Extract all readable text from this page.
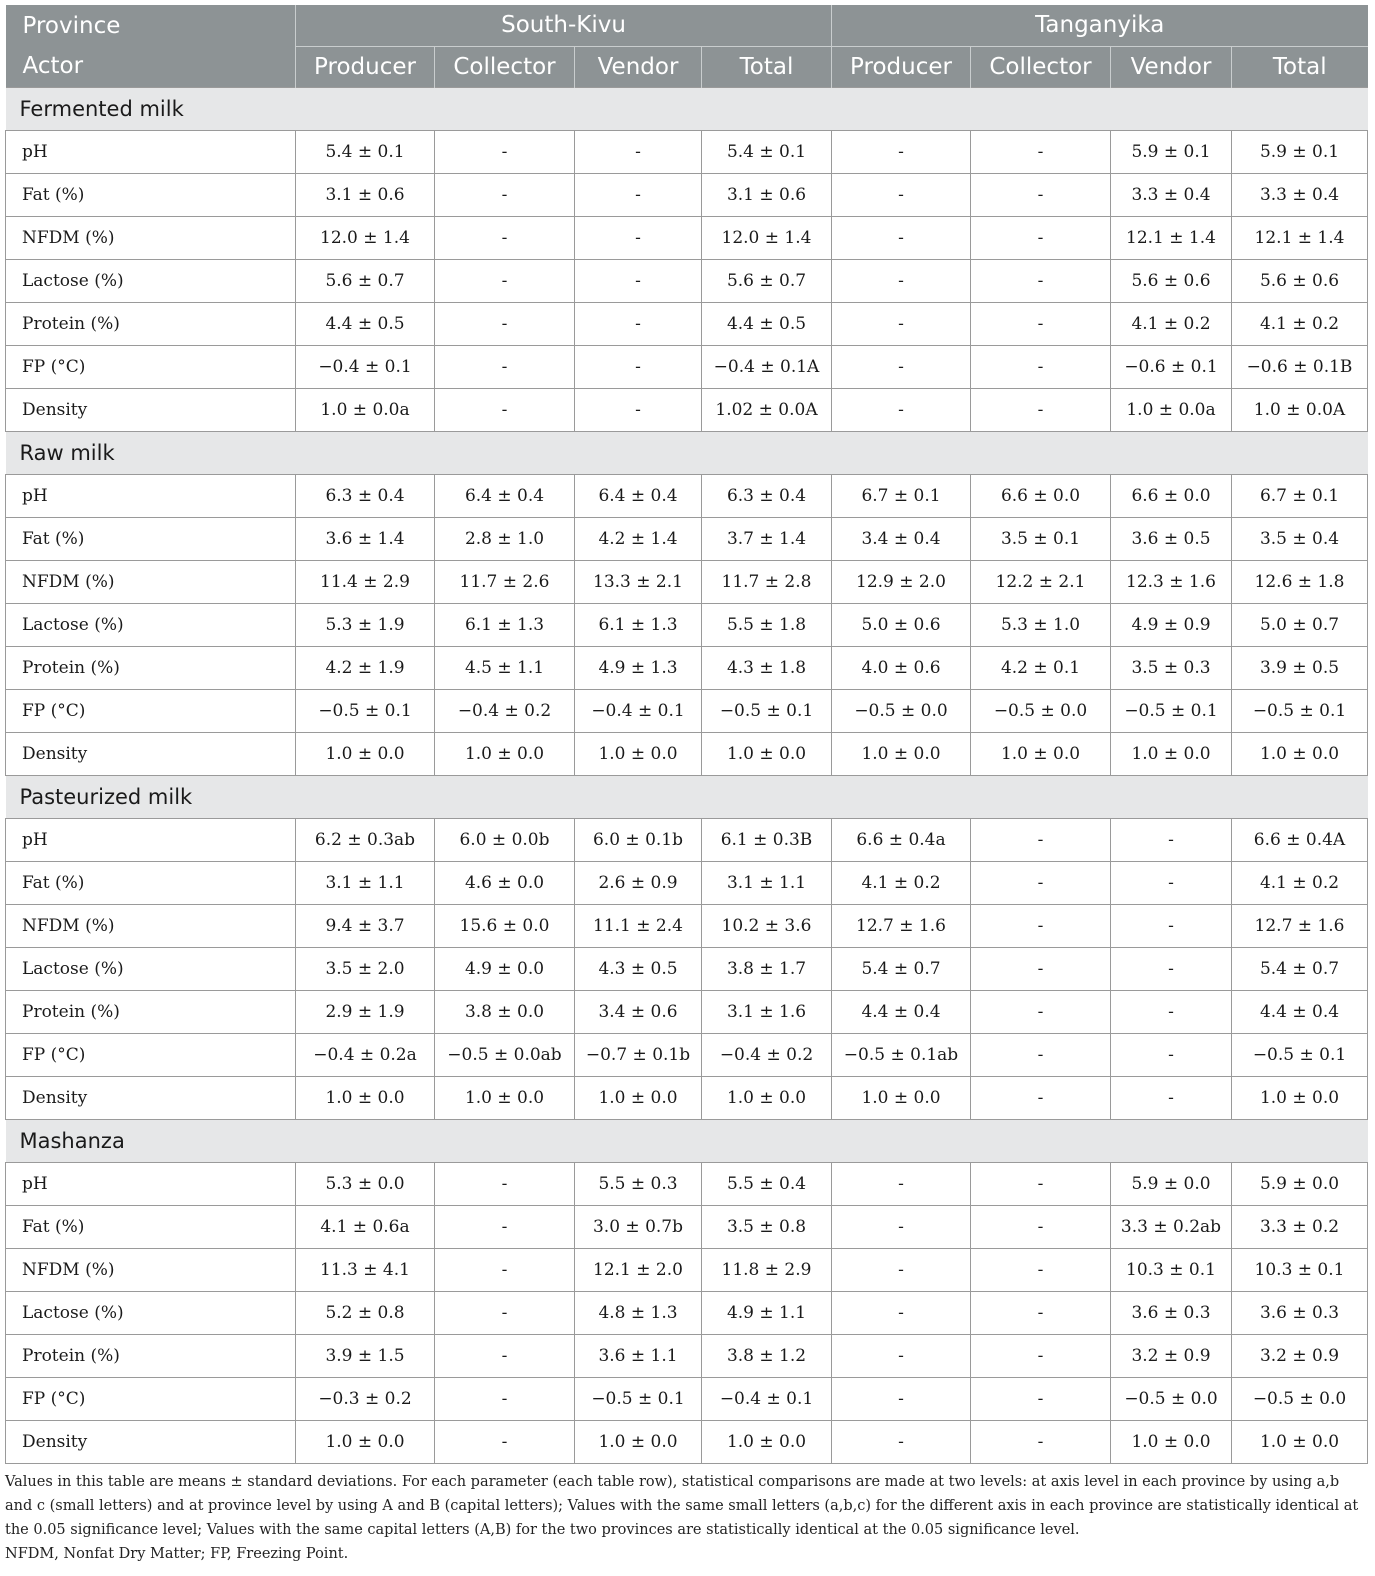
Province	South-Kivu				Tanganyika			
Actor	Producer	Collector	Vendor	Total	Producer	Collector	Vendor	Total
Fermented milk								
pH	5.4 ± 0.1	-	-	5.4 ± 0.1	-	-	5.9 ± 0.1	5.9 ± 0.1
Fat (%)	3.1 ± 0.6	-	-	3.1 ± 0.6	-	-	3.3 ± 0.4	3.3 ± 0.4
NFDM (%)	12.0 ± 1.4	-	-	12.0 ± 1.4	-	-	12.1 ± 1.4	12.1 ± 1.4
Lactose (%)	5.6 ± 0.7	-	-	5.6 ± 0.7	-	-	5.6 ± 0.6	5.6 ± 0.6
Protein (%)	4.4 ± 0.5	-	-	4.4 ± 0.5	-	-	4.1 ± 0.2	4.1 ± 0.2
FP (°C)	−0.4 ± 0.1	-	-	−0.4 ± 0.1A	-	-	−0.6 ± 0.1	−0.6 ± 0.1B
Density	1.0 ± 0.0a	-	-	1.02 ± 0.0A	-	-	1.0 ± 0.0a	1.0 ± 0.0A
Raw milk								
pH	6.3 ± 0.4	6.4 ± 0.4	6.4 ± 0.4	6.3 ± 0.4	6.7 ± 0.1	6.6 ± 0.0	6.6 ± 0.0	6.7 ± 0.1
Fat (%)	3.6 ± 1.4	2.8 ± 1.0	4.2 ± 1.4	3.7 ± 1.4	3.4 ± 0.4	3.5 ± 0.1	3.6 ± 0.5	3.5 ± 0.4
NFDM (%)	11.4 ± 2.9	11.7 ± 2.6	13.3 ± 2.1	11.7 ± 2.8	12.9 ± 2.0	12.2 ± 2.1	12.3 ± 1.6	12.6 ± 1.8
Lactose (%)	5.3 ± 1.9	6.1 ± 1.3	6.1 ± 1.3	5.5 ± 1.8	5.0 ± 0.6	5.3 ± 1.0	4.9 ± 0.9	5.0 ± 0.7
Protein (%)	4.2 ± 1.9	4.5 ± 1.1	4.9 ± 1.3	4.3 ± 1.8	4.0 ± 0.6	4.2 ± 0.1	3.5 ± 0.3	3.9 ± 0.5
FP (°C)	−0.5 ± 0.1	−0.4 ± 0.2	−0.4 ± 0.1	−0.5 ± 0.1	−0.5 ± 0.0	−0.5 ± 0.0	−0.5 ± 0.1	−0.5 ± 0.1
Density	1.0 ± 0.0	1.0 ± 0.0	1.0 ± 0.0	1.0 ± 0.0	1.0 ± 0.0	1.0 ± 0.0	1.0 ± 0.0	1.0 ± 0.0
Pasteurized milk								
pH	6.2 ± 0.3ab	6.0 ± 0.0b	6.0 ± 0.1b	6.1 ± 0.3B	6.6 ± 0.4a	-	-	6.6 ± 0.4A
Fat (%)	3.1 ± 1.1	4.6 ± 0.0	2.6 ± 0.9	3.1 ± 1.1	4.1 ± 0.2	-	-	4.1 ± 0.2
NFDM (%)	9.4 ± 3.7	15.6 ± 0.0	11.1 ± 2.4	10.2 ± 3.6	12.7 ± 1.6	-	-	12.7 ± 1.6
Lactose (%)	3.5 ± 2.0	4.9 ± 0.0	4.3 ± 0.5	3.8 ± 1.7	5.4 ± 0.7	-	-	5.4 ± 0.7
Protein (%)	2.9 ± 1.9	3.8 ± 0.0	3.4 ± 0.6	3.1 ± 1.6	4.4 ± 0.4	-	-	4.4 ± 0.4
FP (°C)	−0.4 ± 0.2a	−0.5 ± 0.0ab	−0.7 ± 0.1b	−0.4 ± 0.2	−0.5 ± 0.1ab	-	-	−0.5 ± 0.1
Density	1.0 ± 0.0	1.0 ± 0.0	1.0 ± 0.0	1.0 ± 0.0	1.0 ± 0.0	-	-	1.0 ± 0.0
Mashanza								
pH	5.3 ± 0.0	-	5.5 ± 0.3	5.5 ± 0.4	-	-	5.9 ± 0.0	5.9 ± 0.0
Fat (%)	4.1 ± 0.6a	-	3.0 ± 0.7b	3.5 ± 0.8	-	-	3.3 ± 0.2ab	3.3 ± 0.2
NFDM (%)	11.3 ± 4.1	-	12.1 ± 2.0	11.8 ± 2.9	-	-	10.3 ± 0.1	10.3 ± 0.1
Lactose (%)	5.2 ± 0.8	-	4.8 ± 1.3	4.9 ± 1.1	-	-	3.6 ± 0.3	3.6 ± 0.3
Protein (%)	3.9 ± 1.5	-	3.6 ± 1.1	3.8 ± 1.2	-	-	3.2 ± 0.9	3.2 ± 0.9
FP (°C)	−0.3 ± 0.2	-	−0.5 ± 0.1	−0.4 ± 0.1	-	-	−0.5 ± 0.0	−0.5 ± 0.0
Density	1.0 ± 0.0	-	1.0 ± 0.0	1.0 ± 0.0	-	-	1.0 ± 0.0	1.0 ± 0.0

Values in this table are means ± standard deviations. For each parameter (each table row), statistical comparisons are made at two levels: at axis level in each province by using a,b and c (small letters) and at province level by using A and B (capital letters); Values with the same small letters (a,b,c) for the different axis in each province are statistically identical at the 0.05 significance level; Values with the same capital letters (A,B) for the two provinces are statistically identical at the 0.05 significance level.

NFDM, Nonfat Dry Matter; FP, Freezing Point.
